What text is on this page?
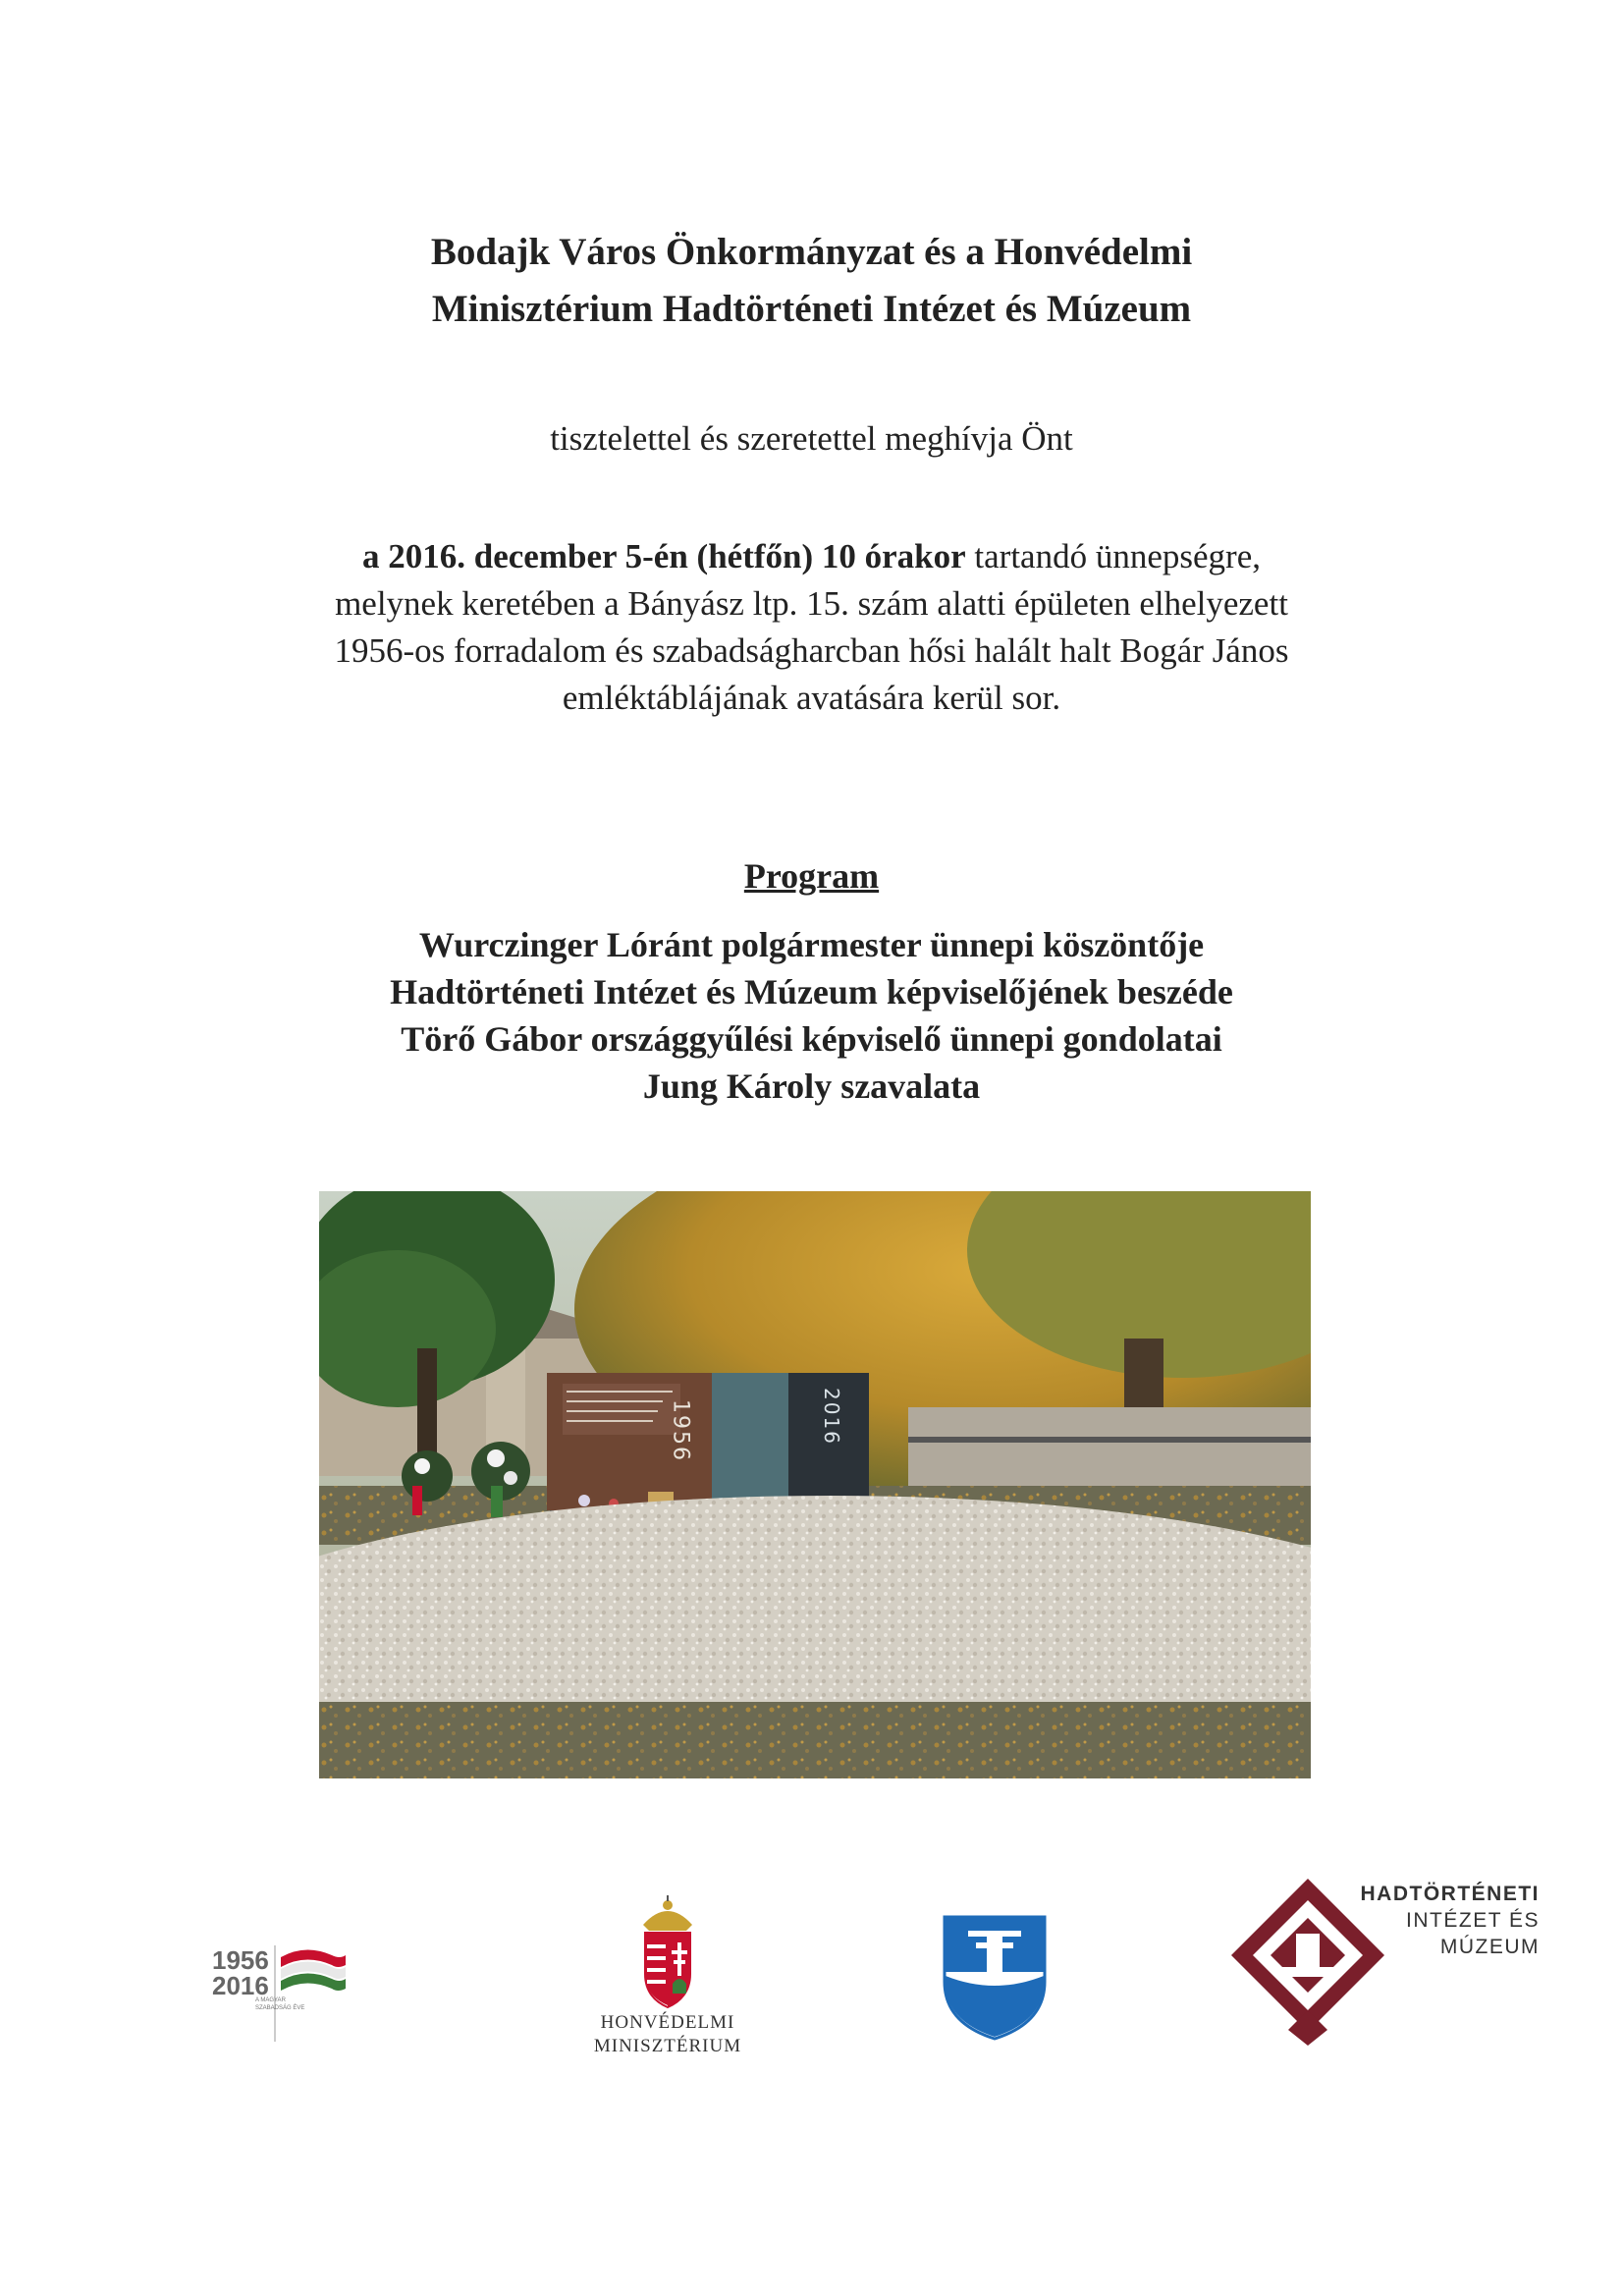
Bodajk Város Önkormányzat és a Honvédelmi
Minisztérium Hadtörténeti Intézet és Múzeum
tisztelettel és szeretettel meghívja Önt
a 2016. december 5-én (hétfőn) 10 órakor tartandó ünnepségre,
melynek keretében a Bányász ltp. 15. szám alatti épületen elhelyezett
1956-os forradalom és szabadságharcban hősi halált halt Bogár János
emléktáblájának avatására kerül sor.
Program
Wurczinger Lóránt polgármester ünnepi köszöntője
Hadtörténeti Intézet és Múzeum képviselőjének beszéde
Törő Gábor országgyűlési képviselő ünnepi gondolatai
Jung Károly szavalata
1956	2016
1956
2016
A MAGYAR SZABADSÁG ÉVE
HONVÉDELMI
MINISZTÉRIUM
HADTÖRTÉNETI
INTÉZET ÉS
MÚZEUM
